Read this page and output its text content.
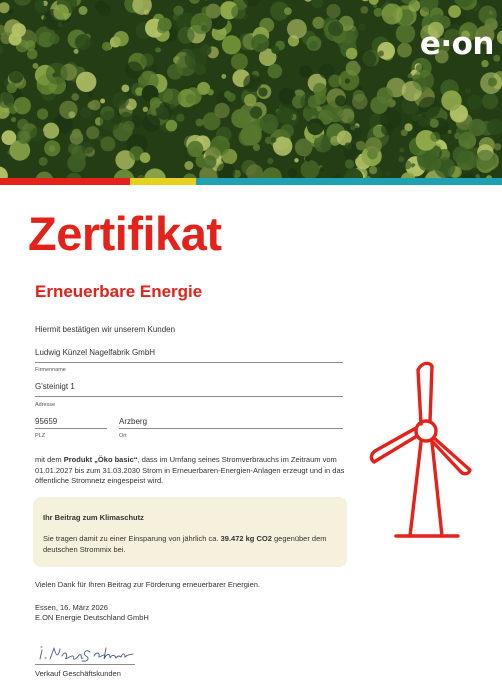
e·on
Zertifikat
Erneuerbare Energie
Hiermit bestätigen wir unserem Kunden
Ludwig Künzel Nagelfabrik GmbH
Firmenname
G'steinigt 1
Adresse
95659
PLZ
Arzberg
Ort
mit dem Produkt „Öko basic“, dass im Umfang seines Stromverbrauchs im Zeitraum vom 01.01.2027 bis zum 31.03.2030 Strom in Erneuerbaren-Energien-Anlagen erzeugt und in das öffentliche Stromnetz eingespeist wird.
Ihr Beitrag zum Klimaschutz
Sie tragen damit zu einer Einsparung von jährlich ca. 39.472 kg CO2 gegenüber dem deutschen Strommix bei.
Vielen Dank für Ihren Beitrag zur Förderung erneuerbarer Energien.
Essen, 16. März 2026
E.ON Energie Deutschland GmbH
Verkauf Geschäftskunden
